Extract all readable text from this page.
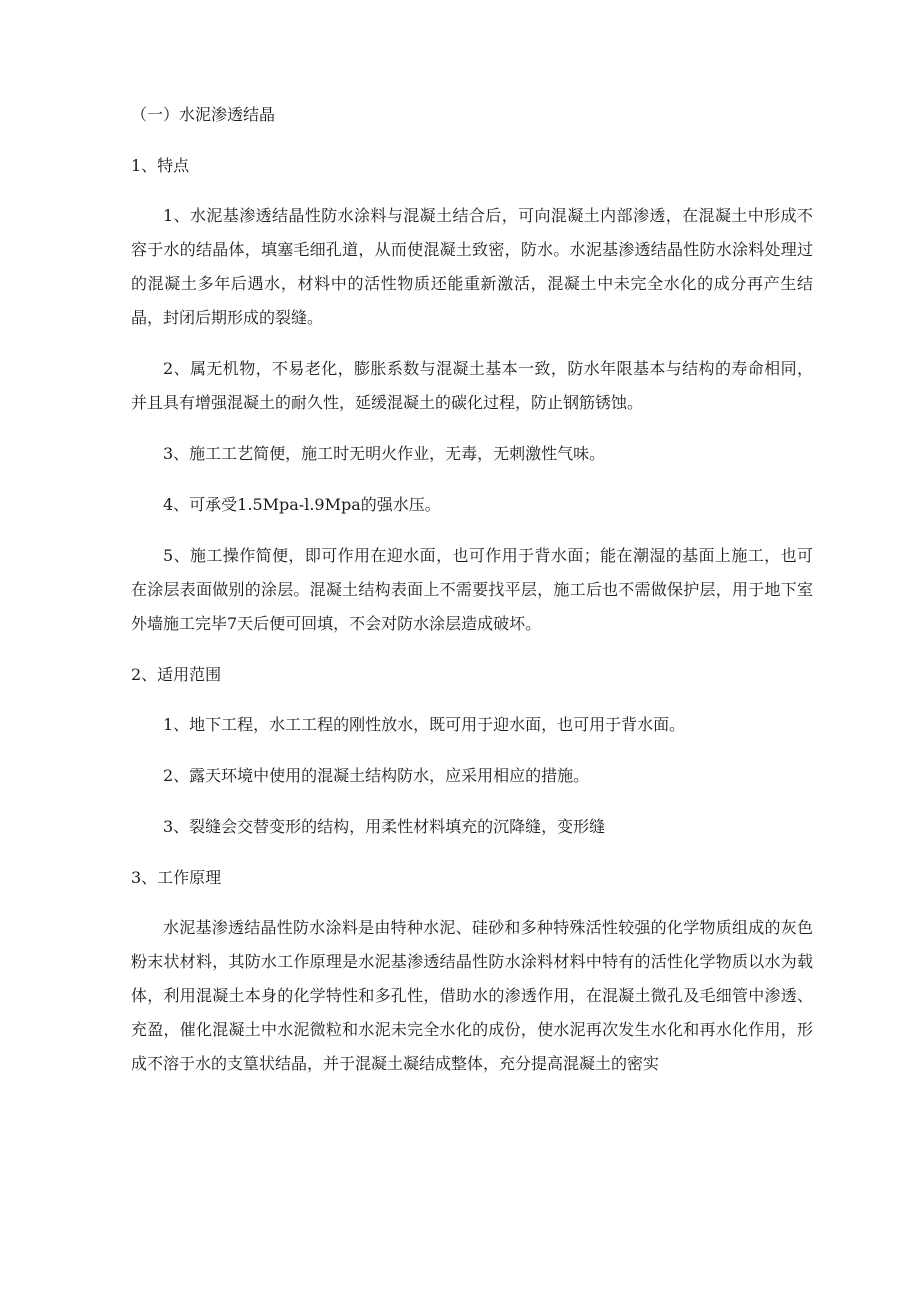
（一）水泥渗透结晶

1、特点

1、水泥基渗透结晶性防水涂料与混凝土结合后，可向混凝土内部渗透，在混凝土中形成不容于水的结晶体，填塞毛细孔道，从而使混凝土致密，防水。水泥基渗透结晶性防水涂料处理过的混凝土多年后遇水，材料中的活性物质还能重新激活，混凝土中未完全水化的成分再产生结晶，封闭后期形成的裂缝。

2、属无机物，不易老化，膨胀系数与混凝土基本一致，防水年限基本与结构的寿命相同，并且具有增强混凝土的耐久性，延缓混凝土的碳化过程，防止钢筋锈蚀。

3、施工工艺简便，施工时无明火作业，无毒，无刺激性气味。

4、可承受1.5Mpa-l.9Mpa的强水压。

5、施工操作简便，即可作用在迎水面，也可作用于背水面；能在潮湿的基面上施工，也可在涂层表面做别的涂层。混凝土结构表面上不需要找平层，施工后也不需做保护层，用于地下室外墙施工完毕7天后便可回填，不会对防水涂层造成破坏。

2、适用范围

1、地下工程，水工工程的刚性放水，既可用于迎水面，也可用于背水面。

2、露天环境中使用的混凝土结构防水，应采用相应的措施。

3、裂缝会交替变形的结构，用柔性材料填充的沉降缝，变形缝

3、工作原理

水泥基渗透结晶性防水涂料是由特种水泥、硅砂和多种特殊活性较强的化学物质组成的灰色粉末状材料，其防水工作原理是水泥基渗透结晶性防水涂料材料中特有的活性化学物质以水为载体，利用混凝土本身的化学特性和多孔性，借助水的渗透作用，在混凝土微孔及毛细管中渗透、充盈，催化混凝土中水泥微粒和水泥未完全水化的成份，使水泥再次发生水化和再水化作用，形成不溶于水的支篁状结晶，并于混凝土凝结成整体，充分提高混凝土的密实
